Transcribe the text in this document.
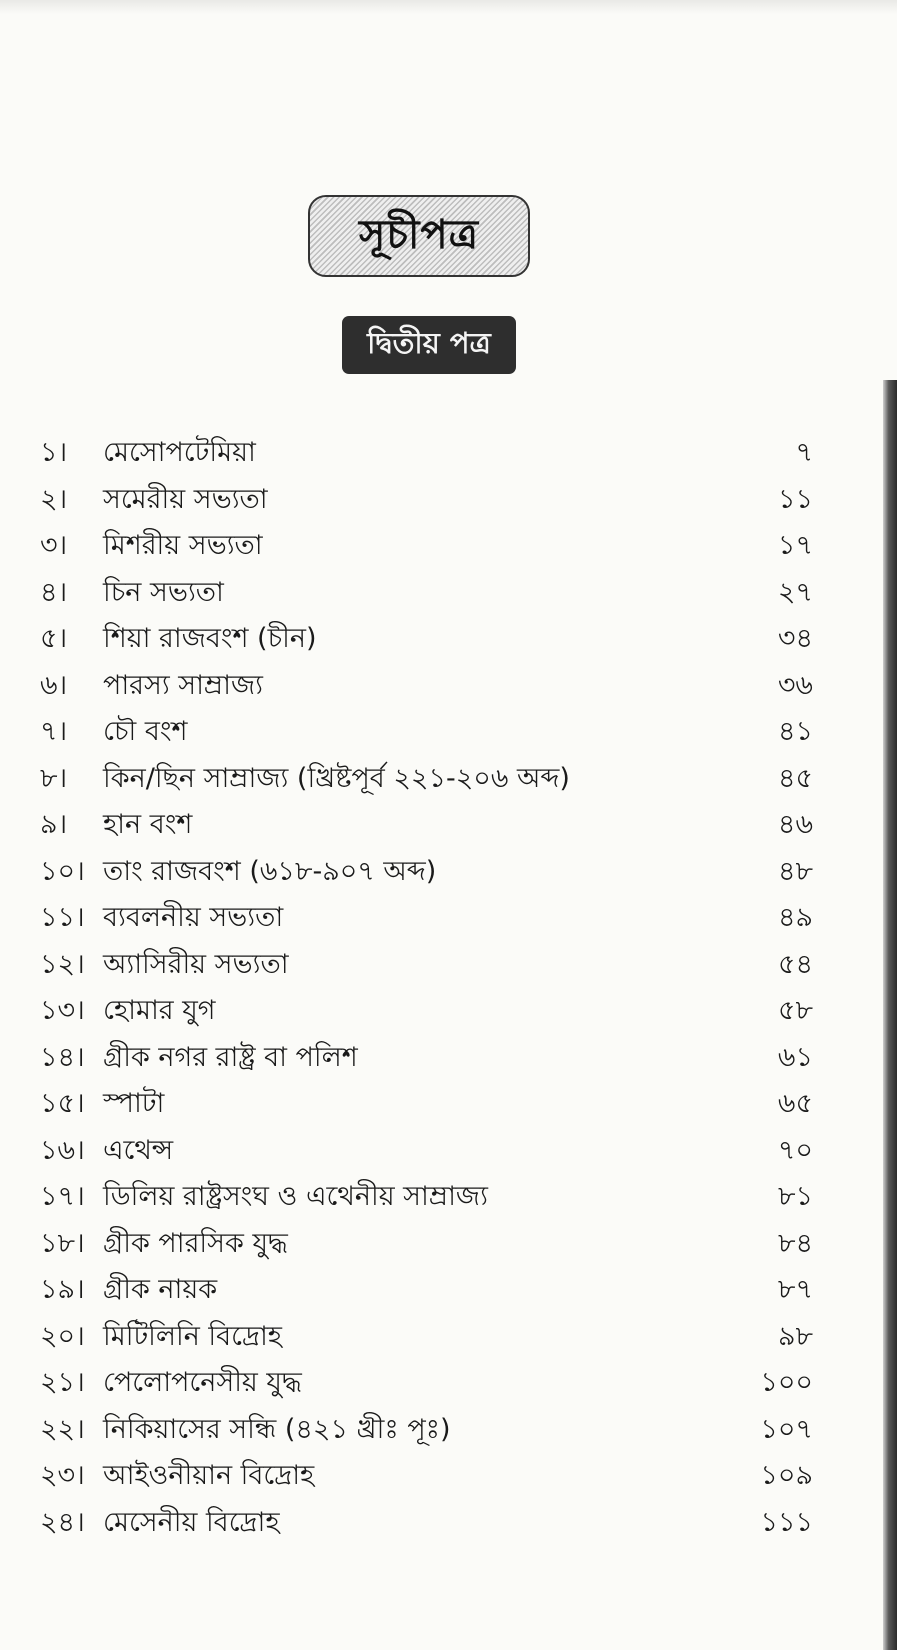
সূচীপত্র
দ্বিতীয় পত্র
১। মেসোপটেমিয়া	৭
২। সমেরীয় সভ্যতা	১১
৩। মিশরীয় সভ্যতা	১৭
৪। চিন সভ্যতা	২৭
৫। শিয়া রাজবংশ (চীন)	৩৪
৬। পারস্য সাম্রাজ্য	৩৬
৭। চৌ বংশ	৪১
৮। কিন/ছিন সাম্রাজ্য (খ্রিষ্টপূর্ব ২২১-২০৬ অব্দ)	৪৫
৯। হান বংশ	৪৬
১০। তাং রাজবংশ (৬১৮-৯০৭ অব্দ)	৪৮
১১। ব্যবলনীয় সভ্যতা	৪৯
১২। অ্যাসিরীয় সভ্যতা	৫৪
১৩। হোমার যুগ	৫৮
১৪। গ্রীক নগর রাষ্ট্র বা পলিশ	৬১
১৫। স্পাটা	৬৫
১৬। এথেন্স	৭০
১৭। ডিলিয় রাষ্ট্রসংঘ ও এথেনীয় সাম্রাজ্য	৮১
১৮। গ্রীক পারসিক যুদ্ধ	৮৪
১৯। গ্রীক নায়ক	৮৭
২০। মিটিলিনি বিদ্রোহ	৯৮
২১। পেলোপনেসীয় যুদ্ধ	১০০
২২। নিকিয়াসের সন্ধি (৪২১ খ্রীঃ পূঃ)	১০৭
২৩। আইওনীয়ান বিদ্রোহ	১০৯
২৪। মেসেনীয় বিদ্রোহ	১১১
